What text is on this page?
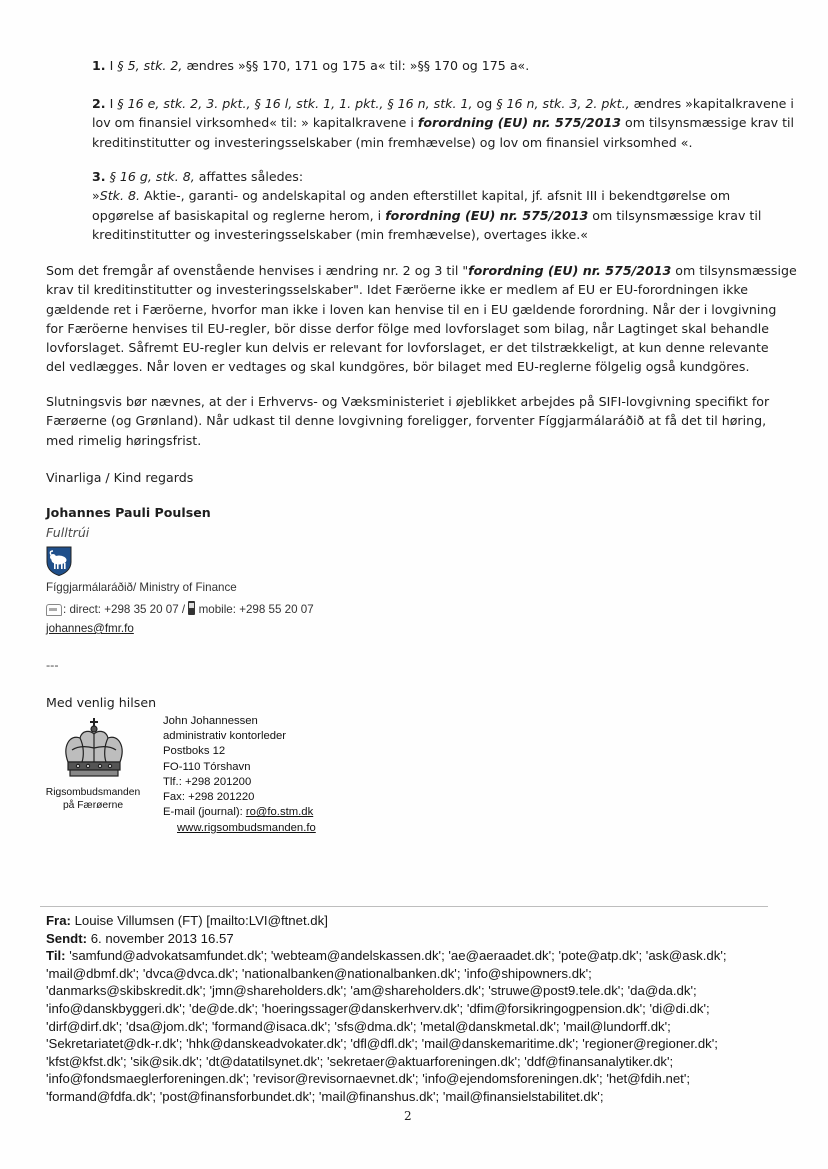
1. I § 5, stk. 2, ændres »§§ 170, 171 og 175 a« til: »§§ 170 og 175 a«.
2. I § 16 e, stk. 2, 3. pkt., § 16 l, stk. 1, 1. pkt., § 16 n, stk. 1, og § 16 n, stk. 3, 2. pkt., ændres »kapitalkravene i
lov om finansiel virksomhed« til: » kapitalkravene i forordning (EU) nr. 575/2013 om tilsynsmæssige krav til
kreditinstitutter og investeringsselskaber (min fremhævelse) og lov om finansiel virksomhed «.
3. § 16 g, stk. 8, affattes således:
»Stk. 8. Aktie-, garanti- og andelskapital og anden efterstillet kapital, jf. afsnit III i bekendtgørelse om
opgørelse af basiskapital og reglerne herom, i forordning (EU) nr. 575/2013 om tilsynsmæssige krav til
kreditinstitutter og investeringsselskaber (min fremhævelse), overtages ikke.«
Som det fremgår af ovenstående henvises i ændring nr. 2 og 3 til "forordning (EU) nr. 575/2013 om tilsynsmæssige
krav til kreditinstitutter og investeringsselskaber". Idet Færöerne ikke er medlem af EU er EU-forordningen ikke
gældende ret i Færöerne, hvorfor man ikke i loven kan henvise til en i EU gældende forordning. Når der i lovgivning
for Færöerne henvises til EU-regler, bör disse derfor fölge med lovforslaget som bilag, når Lagtinget skal behandle
lovforslaget. Såfremt EU-regler kun delvis er relevant for lovforslaget, er det tilstrækkeligt, at kun denne relevante
del vedlægges. Når loven er vedtages og skal kundgöres, bör bilaget med EU-reglerne fölgelig også kundgöres.
Slutningsvis bør nævnes, at der i Erhvervs- og Væksministeriet i øjeblikket arbejdes på SIFI-lovgivning specifikt for
Færøerne (og Grønland). Når udkast til denne lovgivning foreligger, forventer Fíggjarmálaráðið at få det til høring,
med rimelig høringsfrist.
Vinarliga / Kind regards
Johannes Pauli Poulsen
Fulltrúi
Fíggjarmálaráðið/ Ministry of Finance
: direct: +298 35 20 07 /
mobile: +298 55 20 07
johannes@fmr.fo
---
Med venlig hilsen
Rigsombudsmanden
på Færøerne
John Johannessen
administrativ kontorleder
Postboks 12
FO-110 Tórshavn
Tlf.: +298 201200
Fax: +298 201220
E-mail (journal): ro@fo.stm.dk
www.rigsombudsmanden.fo
Fra: Louise Villumsen (FT) [mailto:LVI@ftnet.dk]
Sendt: 6. november 2013 16.57
Til: 'samfund@advokatsamfundet.dk'; 'webteam@andelskassen.dk'; 'ae@aeraadet.dk'; 'pote@atp.dk'; 'ask@ask.dk';
'mail@dbmf.dk'; 'dvca@dvca.dk'; 'nationalbanken@nationalbanken.dk'; 'info@shipowners.dk';
'danmarks@skibskredit.dk'; 'jmn@shareholders.dk'; 'am@shareholders.dk'; 'struwe@post9.tele.dk'; 'da@da.dk';
'info@danskbyggeri.dk'; 'de@de.dk'; 'hoeringssager@danskerhverv.dk'; 'dfim@forsikringogpension.dk'; 'di@di.dk';
'dirf@dirf.dk'; 'dsa@jom.dk'; 'formand@isaca.dk'; 'sfs@dma.dk'; 'metal@danskmetal.dk'; 'mail@lundorff.dk';
'Sekretariatet@dk-r.dk'; 'hhk@danskeadvokater.dk'; 'dfl@dfl.dk'; 'mail@danskemaritime.dk'; 'regioner@regioner.dk';
'kfst@kfst.dk'; 'sik@sik.dk'; 'dt@datatilsynet.dk'; 'sekretaer@aktuarforeningen.dk'; 'ddf@finansanalytiker.dk';
'info@fondsmaeglerforeningen.dk'; 'revisor@revisornaevnet.dk'; 'info@ejendomsforeningen.dk'; 'het@fdih.net';
'formand@fdfa.dk'; 'post@finansforbundet.dk'; 'mail@finanshus.dk'; 'mail@finansielstabilitet.dk';
2
